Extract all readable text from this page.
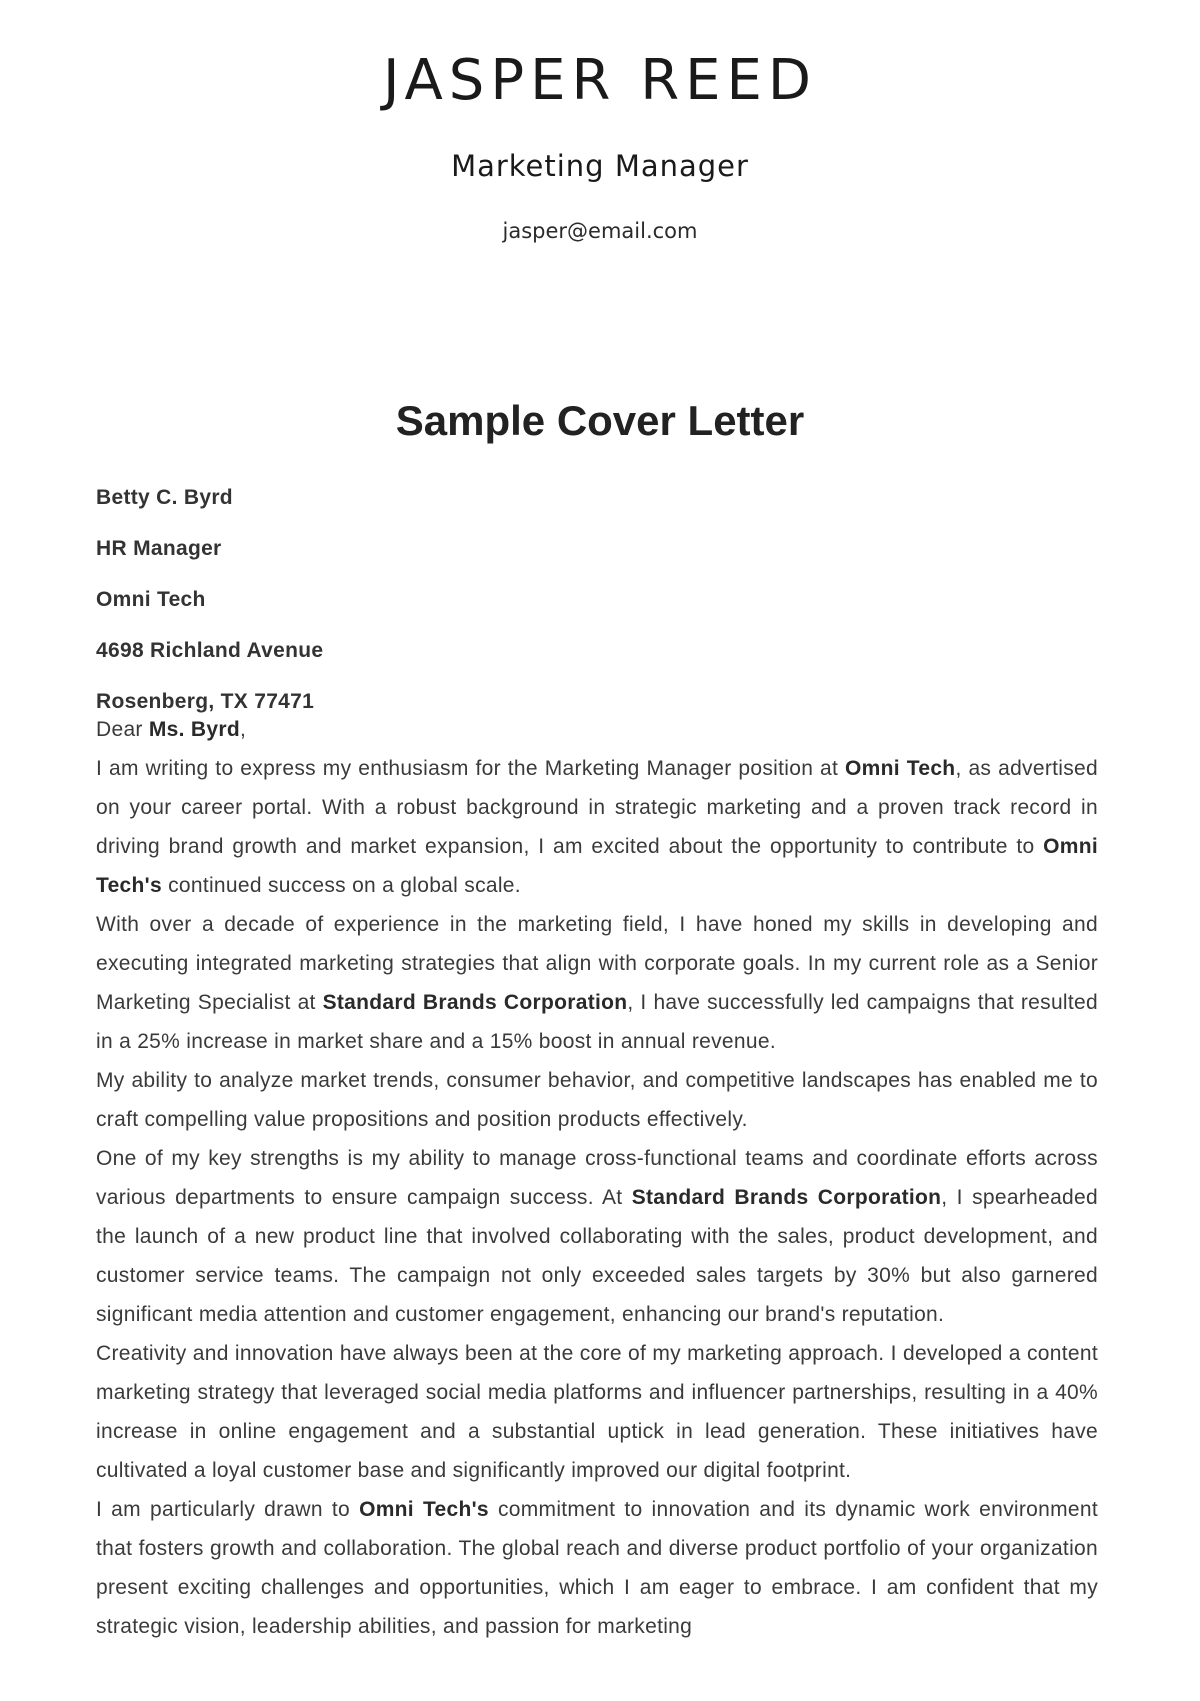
JASPER REED
Marketing Manager
jasper@email.com
Sample Cover Letter
Betty C. Byrd
HR Manager
Omni Tech
4698 Richland Avenue
Rosenberg, TX 77471

Dear Ms. Byrd,

I am writing to express my enthusiasm for the Marketing Manager position at Omni Tech, as advertised on your career portal. With a robust background in strategic marketing and a proven track record in driving brand growth and market expansion, I am excited about the opportunity to contribute to Omni Tech's continued success on a global scale.

With over a decade of experience in the marketing field, I have honed my skills in developing and executing integrated marketing strategies that align with corporate goals. In my current role as a Senior Marketing Specialist at Standard Brands Corporation, I have successfully led campaigns that resulted in a 25% increase in market share and a 15% boost in annual revenue.

My ability to analyze market trends, consumer behavior, and competitive landscapes has enabled me to craft compelling value propositions and position products effectively.

One of my key strengths is my ability to manage cross-functional teams and coordinate efforts across various departments to ensure campaign success. At Standard Brands Corporation, I spearheaded the launch of a new product line that involved collaborating with the sales, product development, and customer service teams. The campaign not only exceeded sales targets by 30% but also garnered significant media attention and customer engagement, enhancing our brand's reputation.

Creativity and innovation have always been at the core of my marketing approach. I developed a content marketing strategy that leveraged social media platforms and influencer partnerships, resulting in a 40% increase in online engagement and a substantial uptick in lead generation. These initiatives have cultivated a loyal customer base and significantly improved our digital footprint.

I am particularly drawn to Omni Tech's commitment to innovation and its dynamic work environment that fosters growth and collaboration. The global reach and diverse product portfolio of your organization present exciting challenges and opportunities, which I am eager to embrace. I am confident that my strategic vision, leadership abilities, and passion for marketing
